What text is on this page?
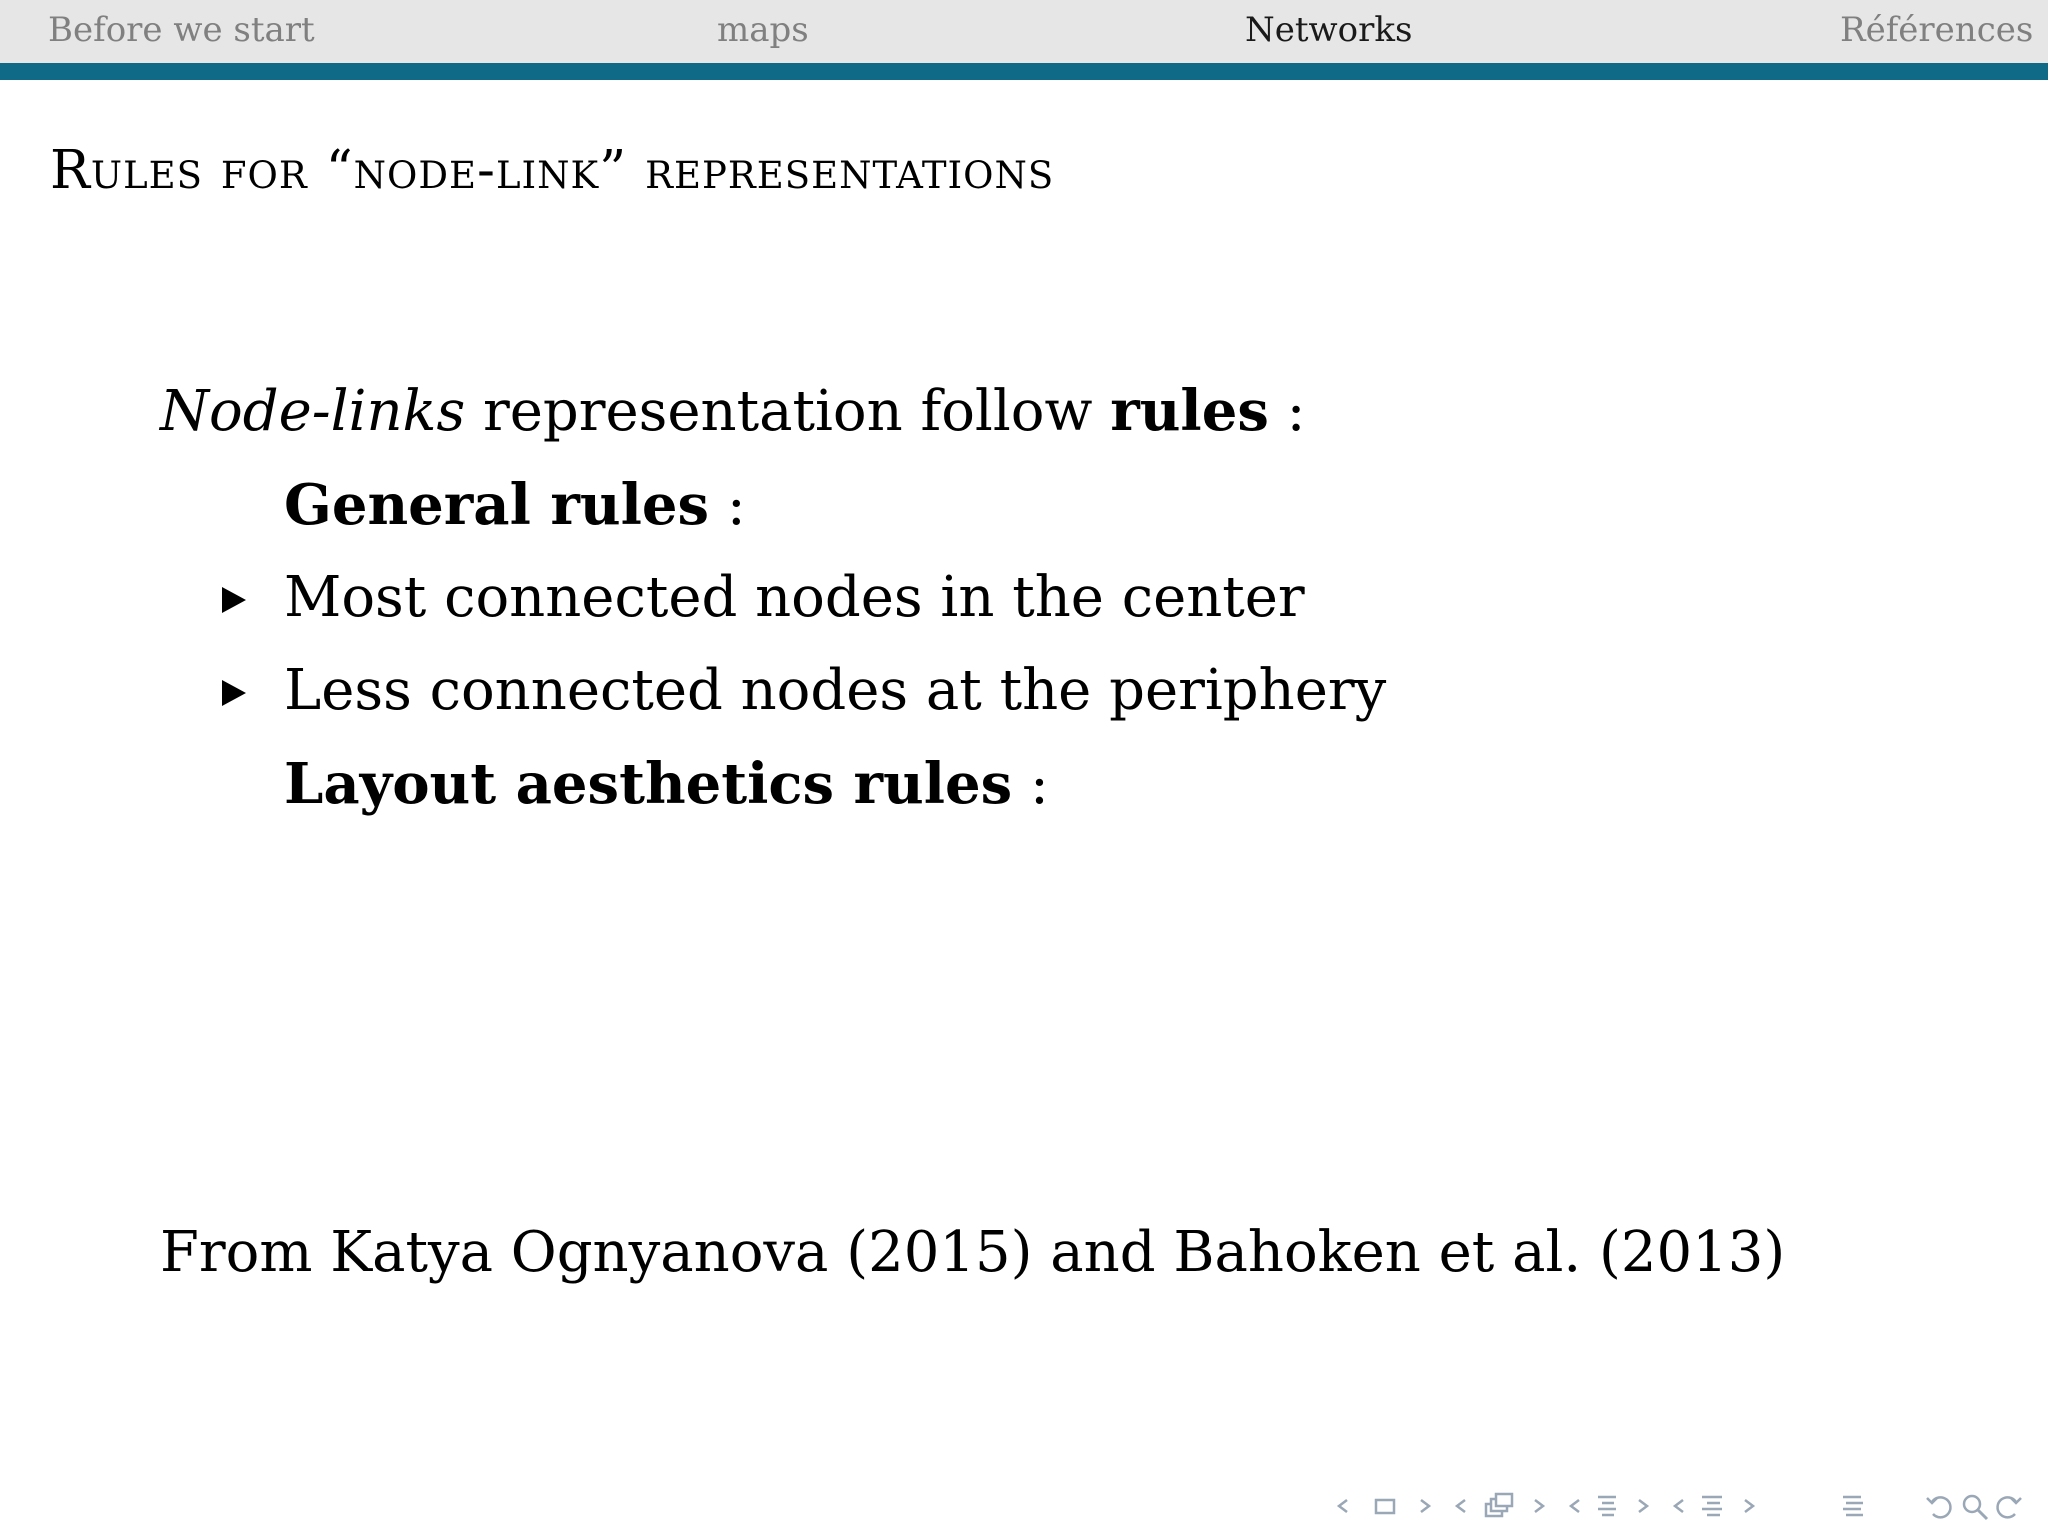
Before we start	maps	Networks	Références
Rules for “node-link” representations
Node-links representation follow rules :
General rules :
Most connected nodes in the center
Less connected nodes at the periphery
Layout aesthetics rules :
From Katya Ognyanova (2015) and Bahoken et al. (2013)
